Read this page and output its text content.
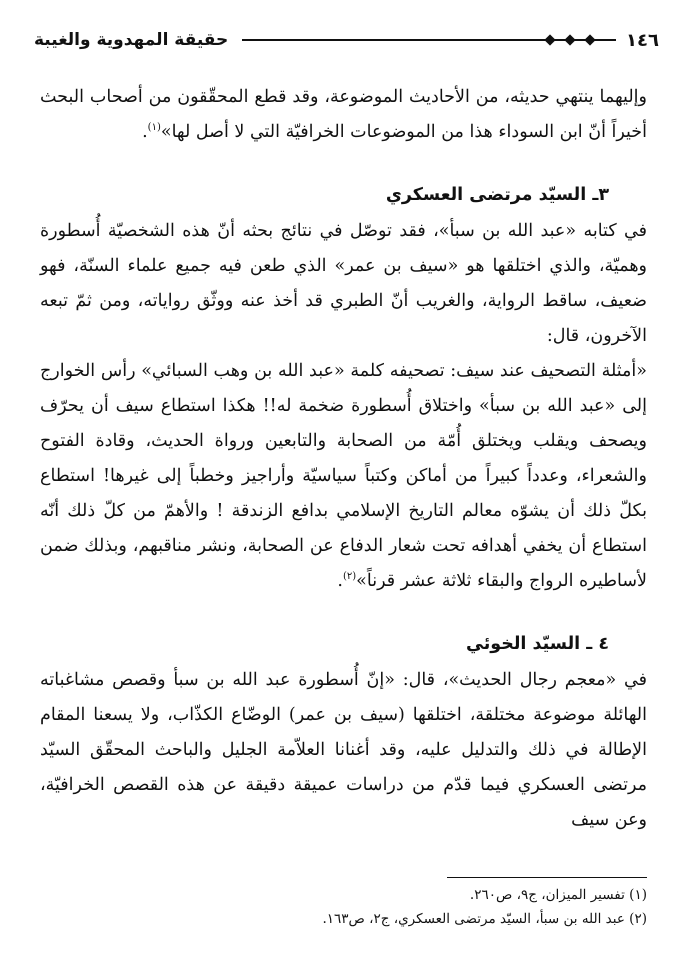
١٤٦
حقيقة المهدوية والغيبة

وإليهما ينتهي حديثه، من الأحاديث الموضوعة، وقد قطع المحقّقون من أصحاب البحث أخيراً أنّ ابن السوداء هذا من الموضوعات الخرافيّة التي لا أصل لها»$^{(١)}$.

٣ـ السيّد مرتضى العسكري

في كتابه «عبد الله بن سبأ»، فقد توصّل في نتائج بحثه أنّ هذه الشخصيّة أُسطورة وهميّة، والذي اختلقها هو «سيف بن عمر» الذي طعن فيه جميع علماء السنّة، فهو ضعيف، ساقط الرواية، والغريب أنّ الطبري قد أخذ عنه ووثّق رواياته، ومن ثمّ تبعه الآخرون، قال:

«أمثلة التصحيف عند سيف: تصحيفه كلمة «عبد الله بن وهب السبائي» رأس الخوارج إلى «عبد الله بن سبأ» واختلاق أُسطورة ضخمة له!! هكذا استطاع سيف أن يحرّف ويصحف ويقلب ويختلق أُمّة من الصحابة والتابعين ورواة الحديث، وقادة الفتوح والشعراء، وعدداً كبيراً من أماكن وكتباً سياسيّة وأراجيز وخطباً إلى غيرها! استطاع بكلّ ذلك أن يشوّه معالم التاريخ الإسلامي بدافع الزندقة ! والأهمّ من كلّ ذلك أنّه استطاع أن يخفي أهدافه تحت شعار الدفاع عن الصحابة، ونشر مناقبهم، وبذلك ضمن لأساطيره الرواج والبقاء ثلاثة عشر قرناً»$^{(٢)}$.

٤ ـ السيّد الخوئي

في «معجم رجال الحديث»، قال: «إنّ أُسطورة عبد الله بن سبأ وقصص مشاغباته الهائلة موضوعة مختلقة، اختلقها (سيف بن عمر) الوضّاع الكذّاب، ولا يسعنا المقام الإطالة في ذلك والتدليل عليه، وقد أغنانا العلاّمة الجليل والباحث المحقّق السيّد مرتضى العسكري فيما قدّم من دراسات عميقة دقيقة عن هذه القصص الخرافيّة، وعن سيف

(١) تفسير الميزان، ج٩، ص٢٦٠.

(٢) عبد الله بن سبأ، السيّد مرتضى العسكري، ج٢، ص١٦٣.
